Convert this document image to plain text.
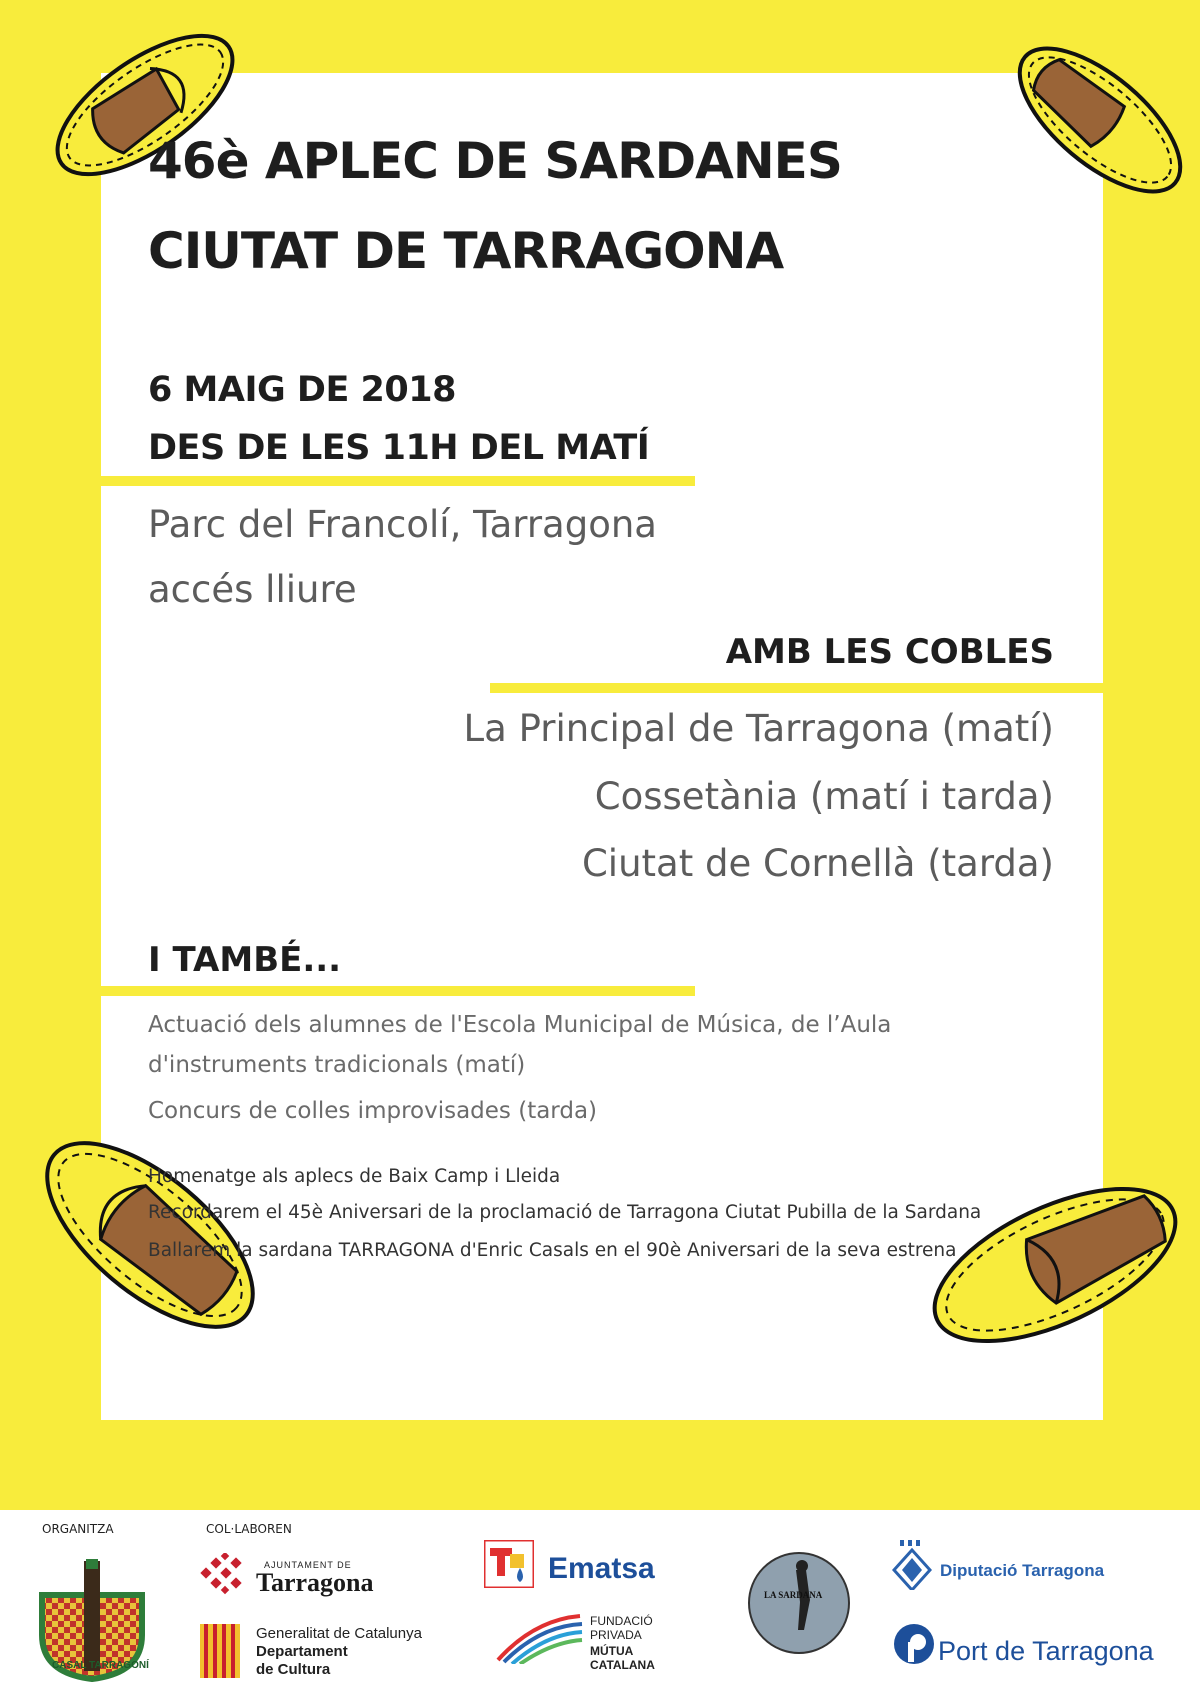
46è APLEC DE SARDANES

CIUTAT DE TARRAGONA

6 MAIG DE 2018

DES DE LES 11H DEL MATÍ

Parc del Francolí, Tarragona

accés lliure

AMB LES COBLES

La Principal de Tarragona (matí)

Cossetània (matí i tarda)

Ciutat de Cornellà (tarda)

I TAMBÉ...

Actuació dels alumnes de l'Escola Municipal de Música, de l’Aula

d'instruments tradicionals (matí)

Concurs de colles improvisades (tarda)

Homenatge als aplecs de Baix Camp i Lleida

Recordarem el 45è Aniversari de la proclamació de Tarragona Ciutat Pubilla de la Sardana

Ballarem la sardana TARRAGONA d'Enric Casals en el 90è Aniversari de la seva estrena

ORGANITZA	COL·LABOREN
CASAL TARRAGONÍ
AJUNTAMENT DE
Tarragona
Generalitat de Catalunya
Departament
de Cultura
Ematsa
FUNDACIÓ
PRIVADA
MÚTUA
CATALANA
LA SARDANA
Diputació Tarragona
Port de Tarragona
